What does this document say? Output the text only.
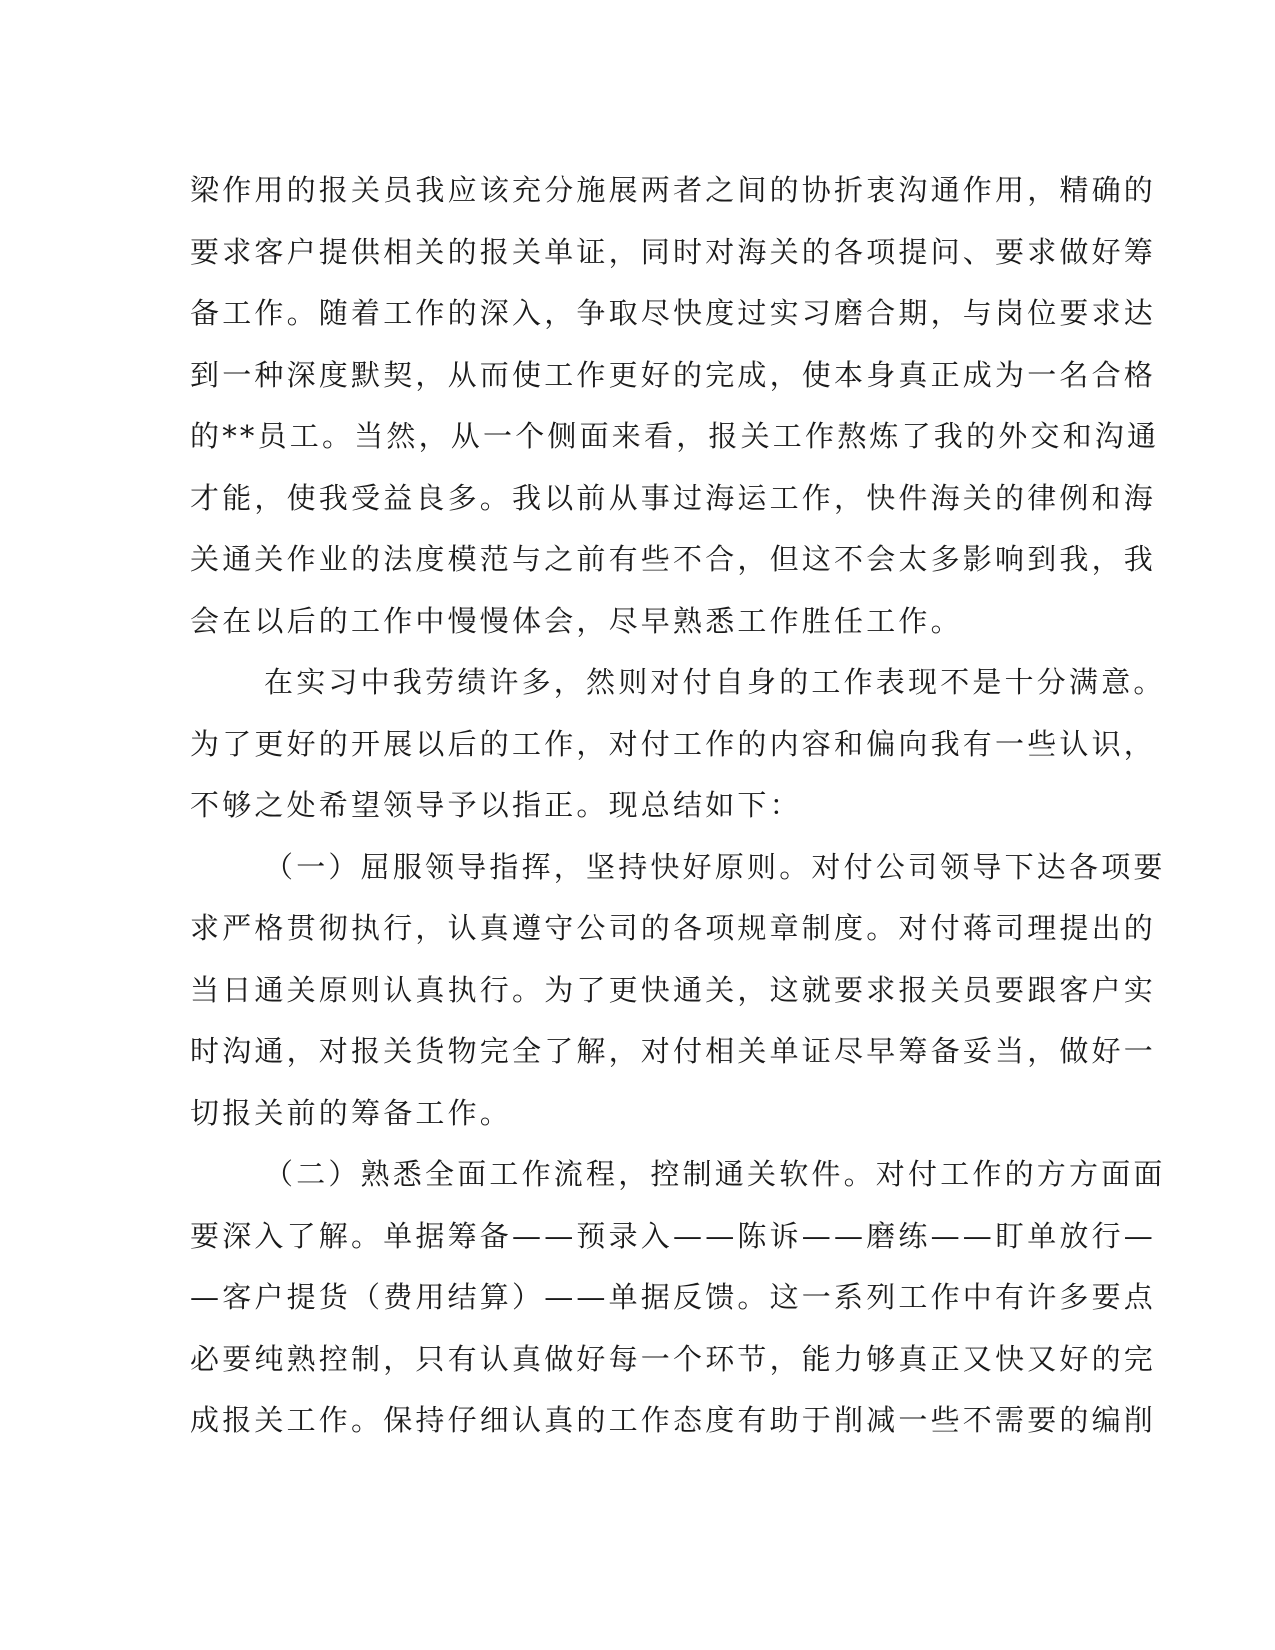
梁作用的报关员我应该充分施展两者之间的协折衷沟通作用，精确的
要求客户提供相关的报关单证，同时对海关的各项提问、要求做好筹
备工作。随着工作的深入，争取尽快度过实习磨合期，与岗位要求达
到一种深度默契，从而使工作更好的完成，使本身真正成为一名合格
的**员工。当然，从一个侧面来看，报关工作熬炼了我的外交和沟通
才能，使我受益良多。我以前从事过海运工作，快件海关的律例和海
关通关作业的法度模范与之前有些不合，但这不会太多影响到我，我
会在以后的工作中慢慢体会，尽早熟悉工作胜任工作。
在实习中我劳绩许多，然则对付自身的工作表现不是十分满意。
为了更好的开展以后的工作，对付工作的内容和偏向我有一些认识，
不够之处希望领导予以指正。现总结如下：
（一）屈服领导指挥，坚持快好原则。对付公司领导下达各项要
求严格贯彻执行，认真遵守公司的各项规章制度。对付蒋司理提出的
当日通关原则认真执行。为了更快通关，这就要求报关员要跟客户实
时沟通，对报关货物完全了解，对付相关单证尽早筹备妥当，做好一
切报关前的筹备工作。
（二）熟悉全面工作流程，控制通关软件。对付工作的方方面面
要深入了解。单据筹备——预录入——陈诉——磨练——盯单放行—
—客户提货（费用结算）——单据反馈。这一系列工作中有许多要点
必要纯熟控制，只有认真做好每一个环节，能力够真正又快又好的完
成报关工作。保持仔细认真的工作态度有助于削减一些不需要的编削
